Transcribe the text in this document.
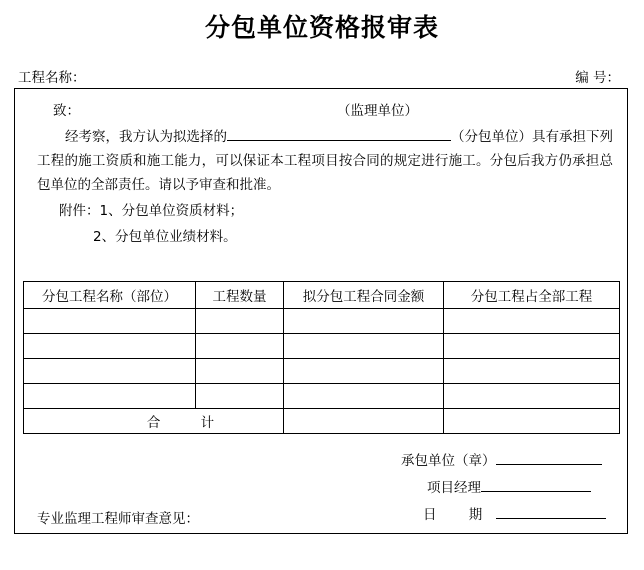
分包单位资格报审表
工程名称：	编 号：
致：	（监理单位）
经考察，我方认为拟选择的	（分包单位）具有承担下列工程的施工资质和施工能力，可以保证本工程项目按合同的规定进行施工。分包后我方仍承担总包单位的全部责任。请以予审查和批准。
附件：1、分包单位资质材料；
2、分包单位业绩材料。
分包工程名称（部位）	工程数量	拟分包工程合同金额	分包工程占全部工程

合 计			
承包单位（章）
项目经理
日 期
专业监理工程师审查意见：
